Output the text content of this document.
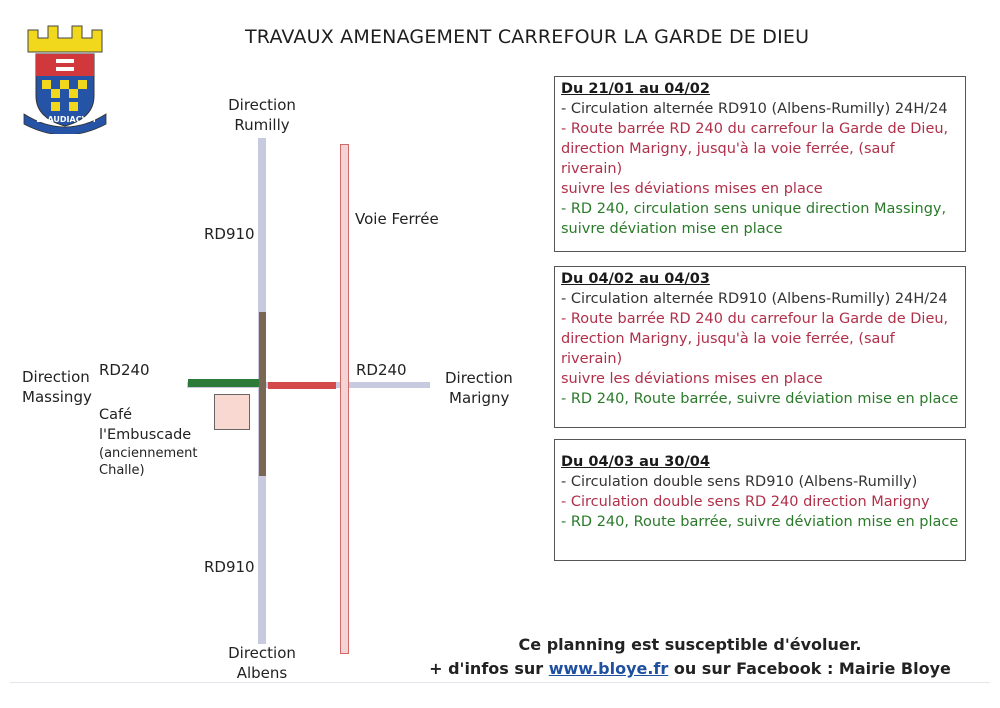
TRAVAUX AMENAGEMENT CARREFOUR LA GARDE DE DIEU
BLAUDIACVM
Direction
Rumilly
RD910
Voie Ferrée
Direction
Massingy
RD240	RD240	Direction
Marigny
Café
l'Embuscade
(anciennement
Challe)
RD910
Direction
Albens
Du 21/01 au 04/02
- Circulation alternée RD910 (Albens-Rumilly) 24H/24
- Route barrée RD 240 du carrefour la Garde de Dieu,
direction Marigny, jusqu'à la voie ferrée, (sauf riverain)
suivre les déviations mises en place
- RD 240, circulation sens unique direction Massingy,
suivre déviation mise en place
Du 04/02 au 04/03
- Circulation alternée RD910 (Albens-Rumilly) 24H/24
- Route barrée RD 240 du carrefour la Garde de Dieu,
direction Marigny, jusqu'à la voie ferrée, (sauf riverain)
suivre les déviations mises en place
- RD 240, Route barrée, suivre déviation mise en place
Du 04/03 au 30/04
- Circulation double sens RD910 (Albens-Rumilly)
- Circulation double sens RD 240 direction Marigny
- RD 240, Route barrée, suivre déviation mise en place
Ce planning est susceptible d'évoluer.
+ d'infos sur www.bloye.fr ou sur Facebook : Mairie Bloye
